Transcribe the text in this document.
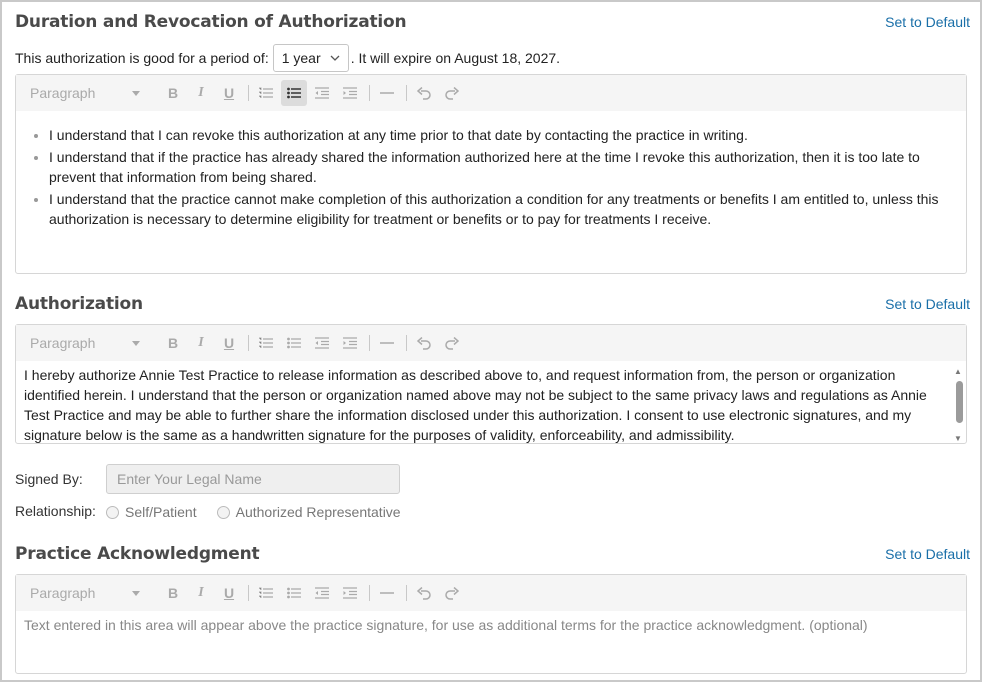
Duration and Revocation of Authorization	Set to Default
This authorization is good for a period of: 1 year . It will expire on August 18, 2027.
Paragraph	B	I	U
• I understand that I can revoke this authorization at any time prior to that date by contacting the practice in writing.
• I understand that if the practice has already shared the information authorized here at the time I revoke this authorization, then it is too late to prevent that information from being shared.
• I understand that the practice cannot make completion of this authorization a condition for any treatments or benefits I am entitled to, unless this authorization is necessary to determine eligibility for treatment or benefits or to pay for treatments I receive.
Authorization	Set to Default
Paragraph	B	I	U
I hereby authorize Annie Test Practice to release information as described above to, and request information from, the person or organization identified herein. I understand that the person or organization named above may not be subject to the same privacy laws and regulations as Annie Test Practice and may be able to further share the information disclosed under this authorization. I consent to use electronic signatures, and my signature below is the same as a handwritten signature for the purposes of validity, enforceability, and admissibility.
▲
▼
Signed By:	Enter Your Legal Name
Relationship: Self/Patient	Authorized Representative
Practice Acknowledgment	Set to Default
Paragraph	B	I	U
Text entered in this area will appear above the practice signature, for use as additional terms for the practice acknowledgment. (optional)
